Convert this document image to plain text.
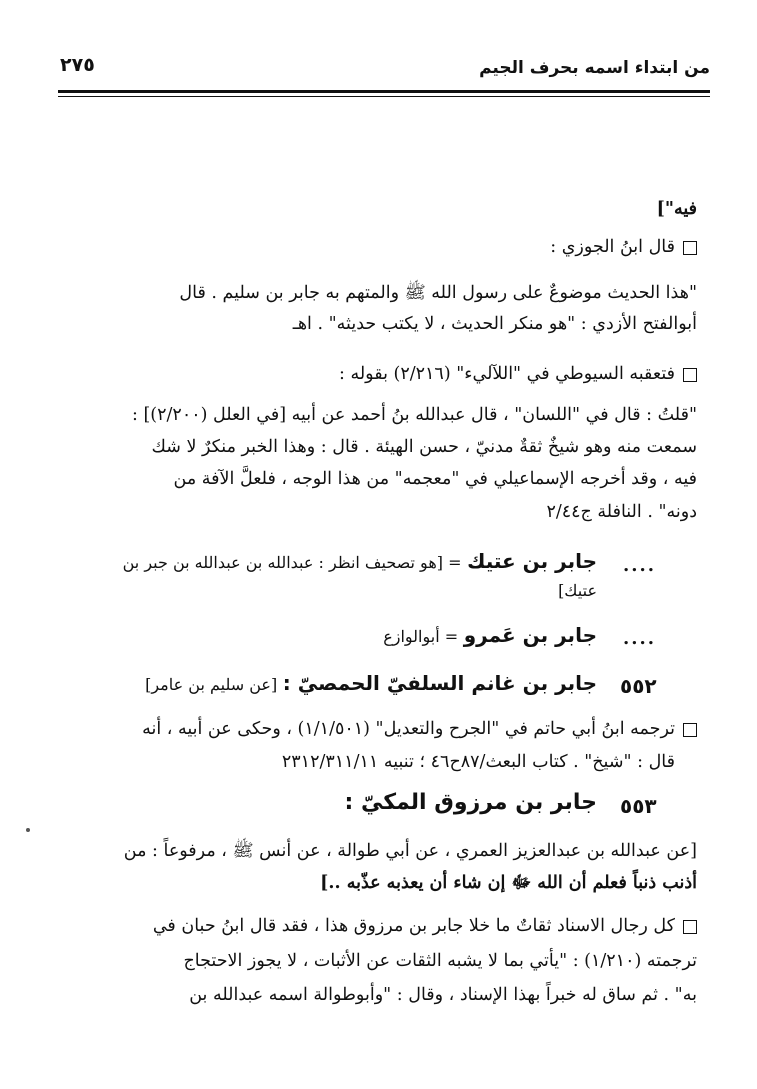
من ابتداء اسمه بحرف الجيم
٢٧٥
فيه"]
قال ابنُ الجوزي :
"هذا الحديث موضوعٌ على رسول الله ﷺ والمتهم به جابر بن سليم . قال
أبوالفتح الأزدي : "هو منكر الحديث ، لا يكتب حديثه" . اهـ
فتعقبه السيوطي في "اللآليء" (٢/٢١٦) بقوله :
"قلتُ : قال في "اللسان" ، قال عبدالله بنُ أحمد عن أبيه [في العلل (٢/٢٠٠)] :
سمعت منه وهو شيخٌ ثقةٌ مدنيّ ، حسن الهيئة . قال : وهذا الخبر منكرٌ لا شك
فيه ، وقد أخرجه الإسماعيلي في "معجمه" من هذا الوجه ، فلعلَّ الآفة من
دونه" . النافلة ج٢/٤٤
....
جابر بن عتيك = [هو تصحيف انظر : عبدالله بن عبدالله بن جبر بن
عتيك]
....
جابر بن عَمرو = أبوالوازع
٥٥٢
جابر بن غانم السلفيّ الحمصيّ : [عن سليم بن عامر]
ترجمه ابنُ أبي حاتم في "الجرح والتعديل" (١/١/٥٠١) ، وحكى عن أبيه ، أنه
قال : "شيخ" . كتاب البعث/٨٧ح٤٦ ؛ تنبيه ٢٣١٢/٣١١/١١
٥٥٣
جابر بن مرزوق المكيّ :
[عن عبدالله بن عبدالعزيز العمري ، عن أبي طوالة ، عن أنس ﷺ ، مرفوعاً : من
أذنب ذنباً فعلم أن الله ﷻ إن شاء أن يعذبه عذّبه ..]
كل رجال الاسناد ثقاتٌ ما خلا جابر بن مرزوق هذا ، فقد قال ابنُ حبان في
ترجمته (١/٢١٠) : "يأتي بما لا يشبه الثقات عن الأثبات ، لا يجوز الاحتجاج
به" . ثم ساق له خبراً بهذا الإسناد ، وقال : "وأبوطوالة اسمه عبدالله بن
